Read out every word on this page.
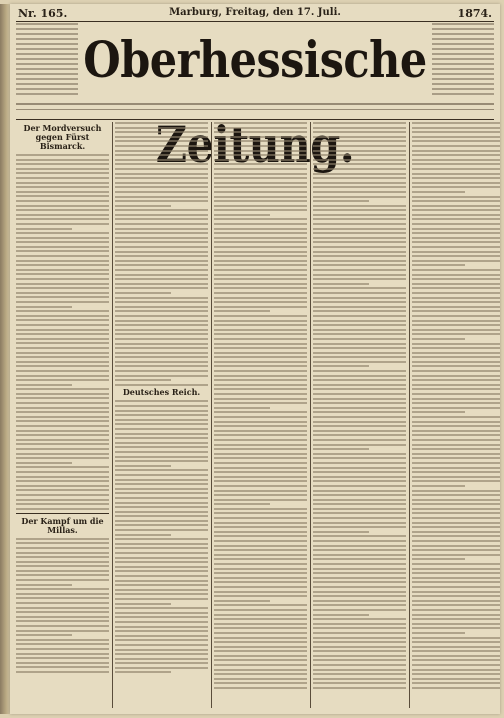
Nr. 165.	Marburg, Freitag, den 17. Juli.	1874.
Oberhessische
Der Mordversuch gegen Fürst Bismarck.
Der Kampf um die Millas.
Deutsches Reich.
